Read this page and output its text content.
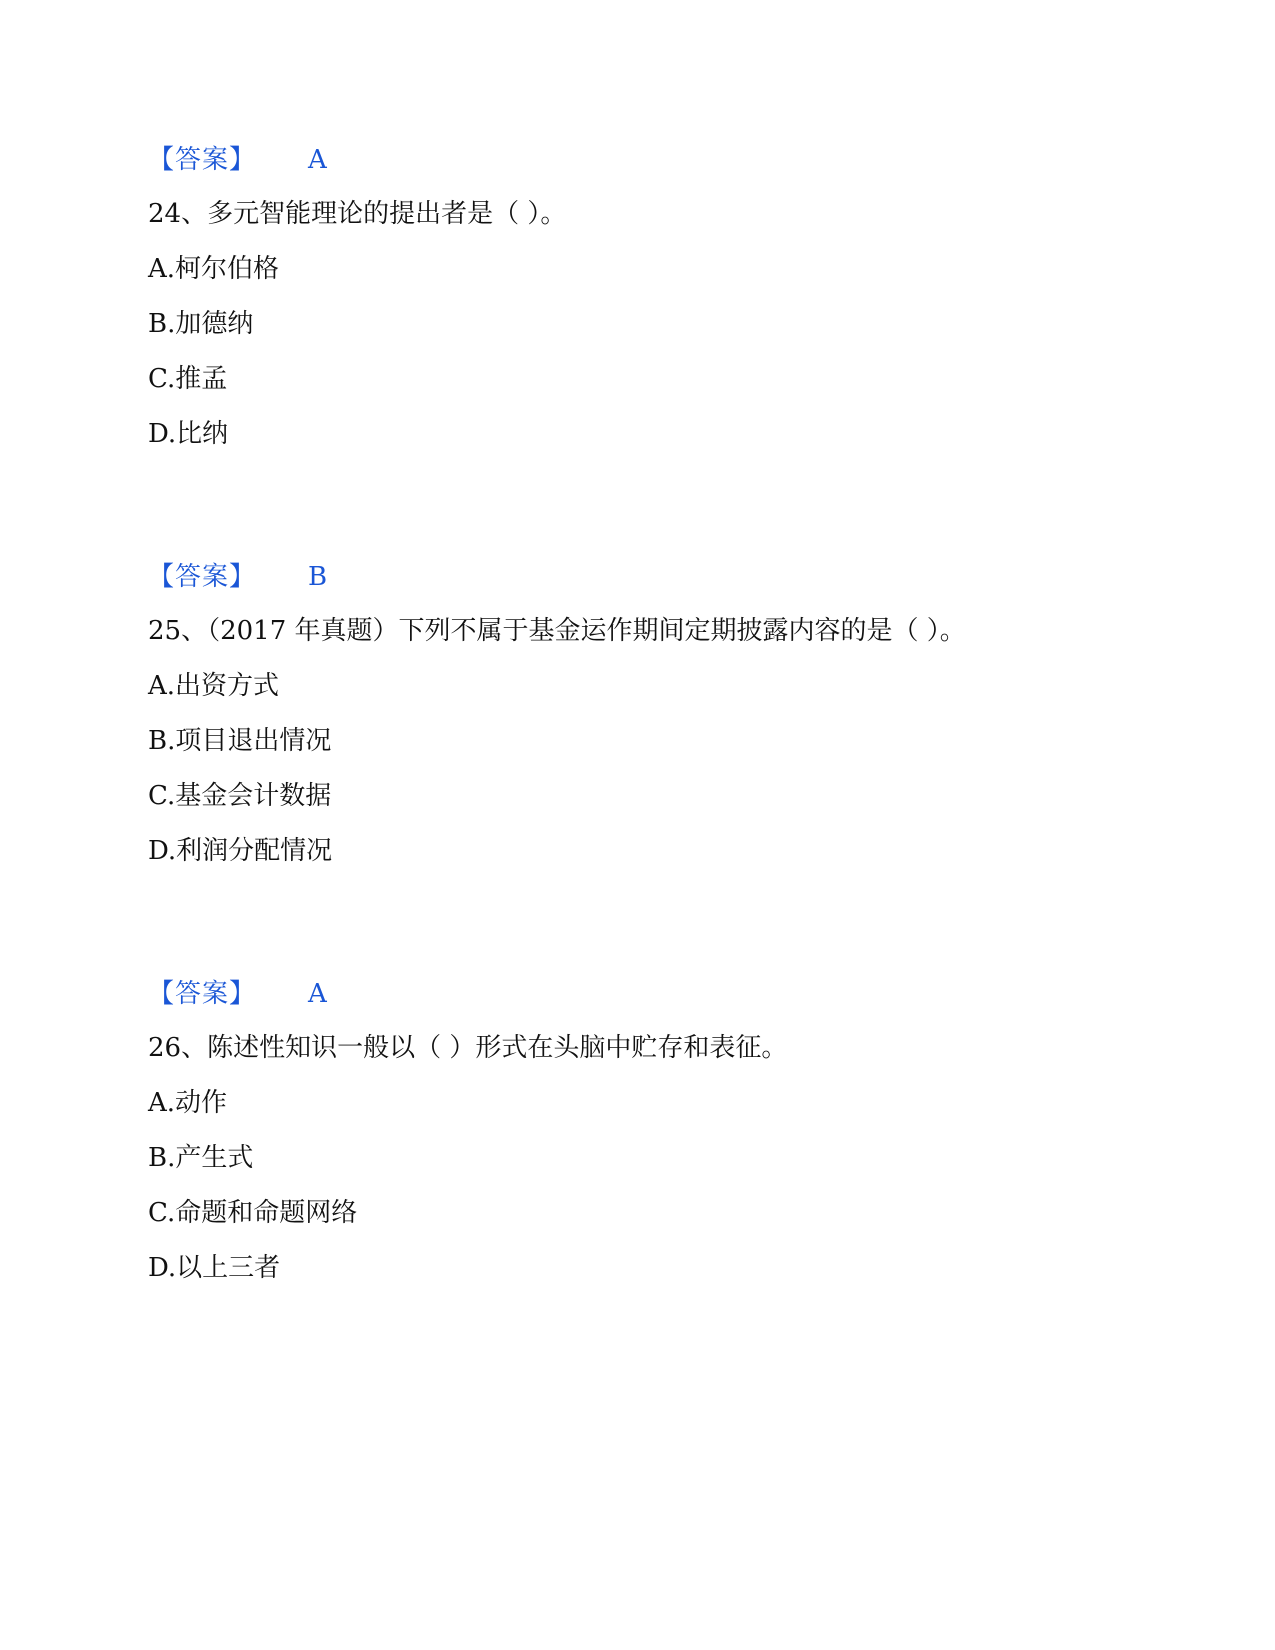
【答案】 A
24、多元智能理论的提出者是（ ）。
A.柯尔伯格
B.加德纳
C.推孟
D.比纳
【答案】 B
25、（2017 年真题）下列不属于基金运作期间定期披露内容的是（ ）。
A.出资方式
B.项目退出情况
C.基金会计数据
D.利润分配情况
【答案】 A
26、陈述性知识一般以（ ）形式在头脑中贮存和表征。
A.动作
B.产生式
C.命题和命题网络
D.以上三者
